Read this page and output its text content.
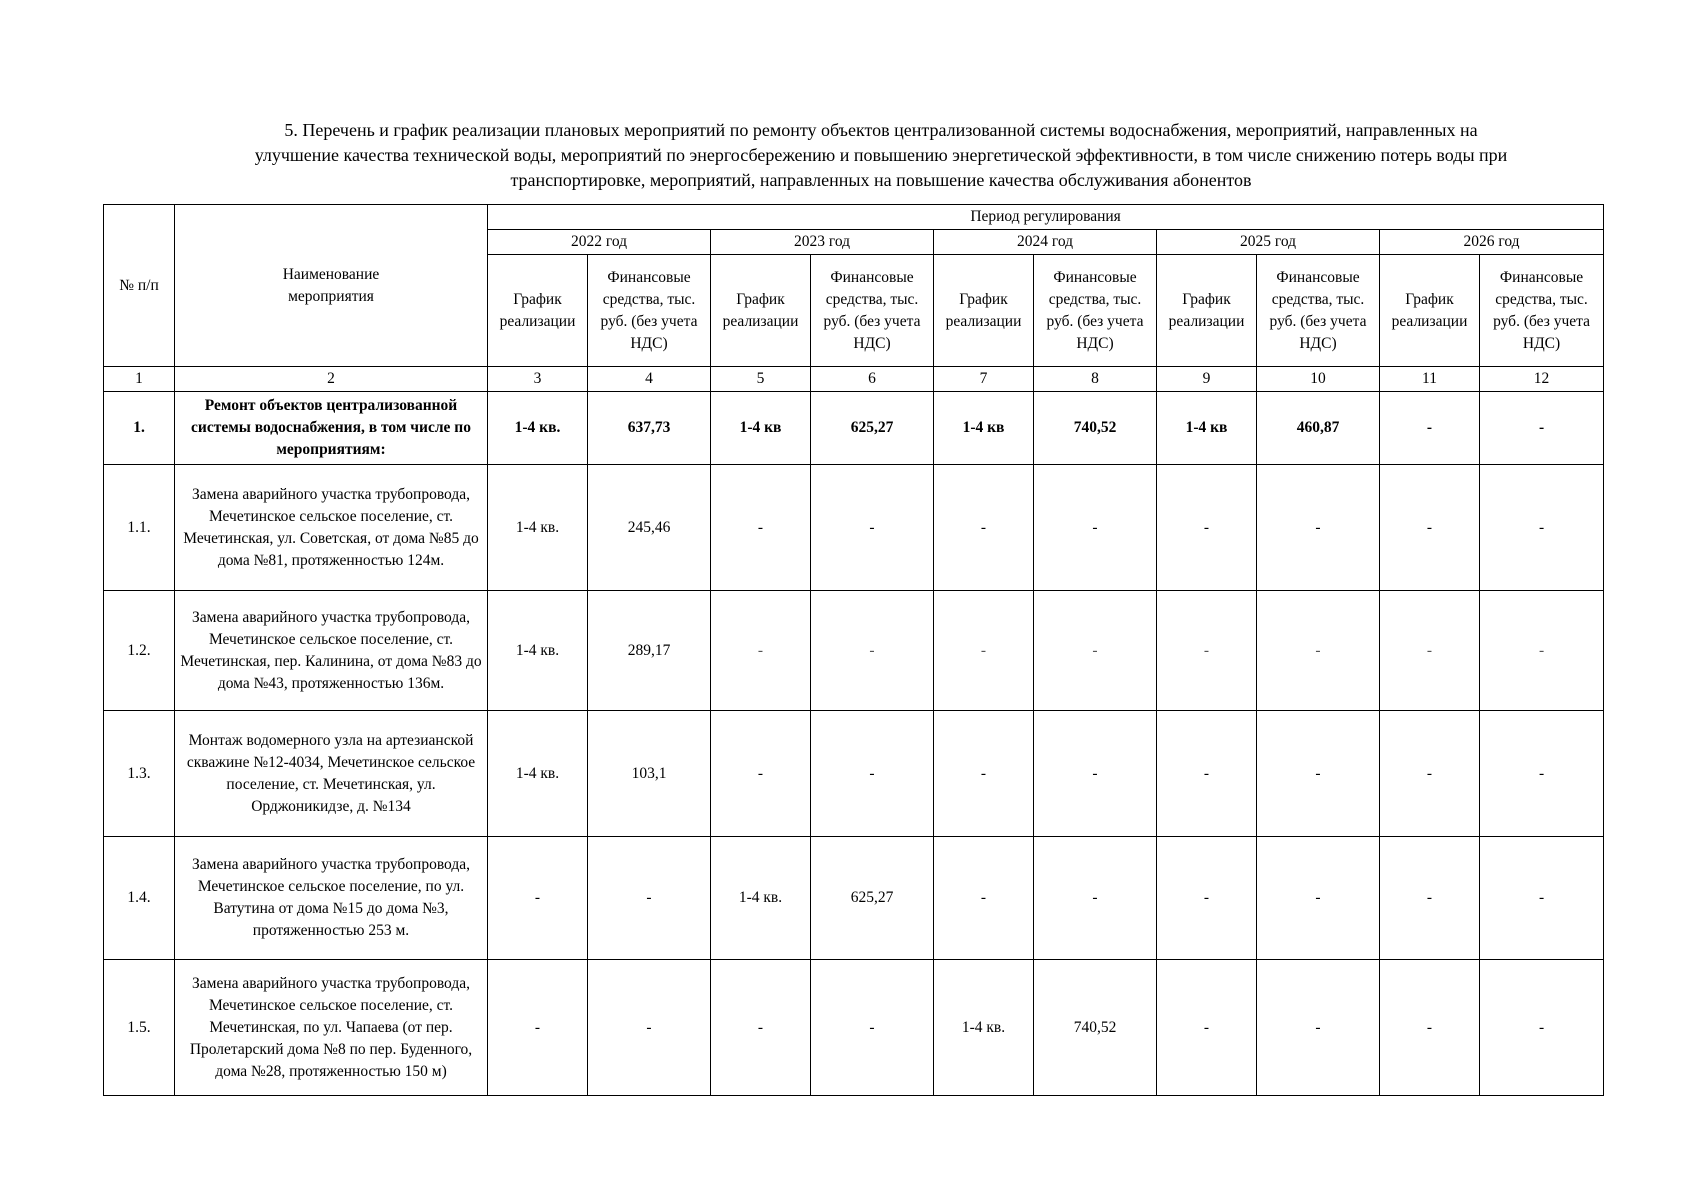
5. Перечень и график реализации плановых мероприятий по ремонту объектов централизованной системы водоснабжения, мероприятий, направленных на
улучшение качества технической воды, мероприятий по энергосбережению и повышению энергетической эффективности, в том числе снижению потерь воды при
транспортировке, мероприятий, направленных на повышение качества обслуживания абонентов
№ п/п	Наименование мероприятия	Период регулирования									
		2022 год		2023 год		2024 год		2025 год		2026 год	
		График реализации	Финансовые средства, тыс. руб. (без учета НДС)	График реализации	Финансовые средства, тыс. руб. (без учета НДС)	График реализации	Финансовые средства, тыс. руб. (без учета НДС)	График реализации	Финансовые средства, тыс. руб. (без учета НДС)	График реализации	Финансовые средства, тыс. руб. (без учета НДС)
1	2	3	4	5	6	7	8	9	10	11	12
1.	Ремонт объектов централизованной системы водоснабжения, в том числе по мероприятиям:	1-4 кв.	637,73	1-4 кв	625,27	1-4 кв	740,52	1-4 кв	460,87	-	-
1.1.	Замена аварийного участка трубопровода, Мечетинское сельское поселение, ст. Мечетинская, ул. Советская, от дома №85 до дома №81, протяженностью 124м.	1-4 кв.	245,46	-	-	-	-	-	-	-	-
1.2.	Замена аварийного участка трубопровода, Мечетинское сельское поселение, ст. Мечетинская, пер. Калинина, от дома №83 до дома №43, протяженностью 136м.	1-4 кв.	289,17	-	-	-	-	-	-	-	-
1.3.	Монтаж водомерного узла на артезианской скважине №12-4034, Мечетинское сельское поселение, ст. Мечетинская, ул. Орджоникидзе, д. №134	1-4 кв.	103,1	-	-	-	-	-	-	-	-
1.4.	Замена аварийного участка трубопровода, Мечетинское сельское поселение, по ул. Ватутина от дома №15 до дома №3, протяженностью 253 м.	-	-	1-4 кв.	625,27	-	-	-	-	-	-
1.5.	Замена аварийного участка трубопровода, Мечетинское сельское поселение, ст. Мечетинская, по ул. Чапаева (от пер. Пролетарский дома №8 по пер. Буденного, дома №28, протяженностью 150 м)	-	-	-	-	1-4 кв.	740,52	-	-	-	-
